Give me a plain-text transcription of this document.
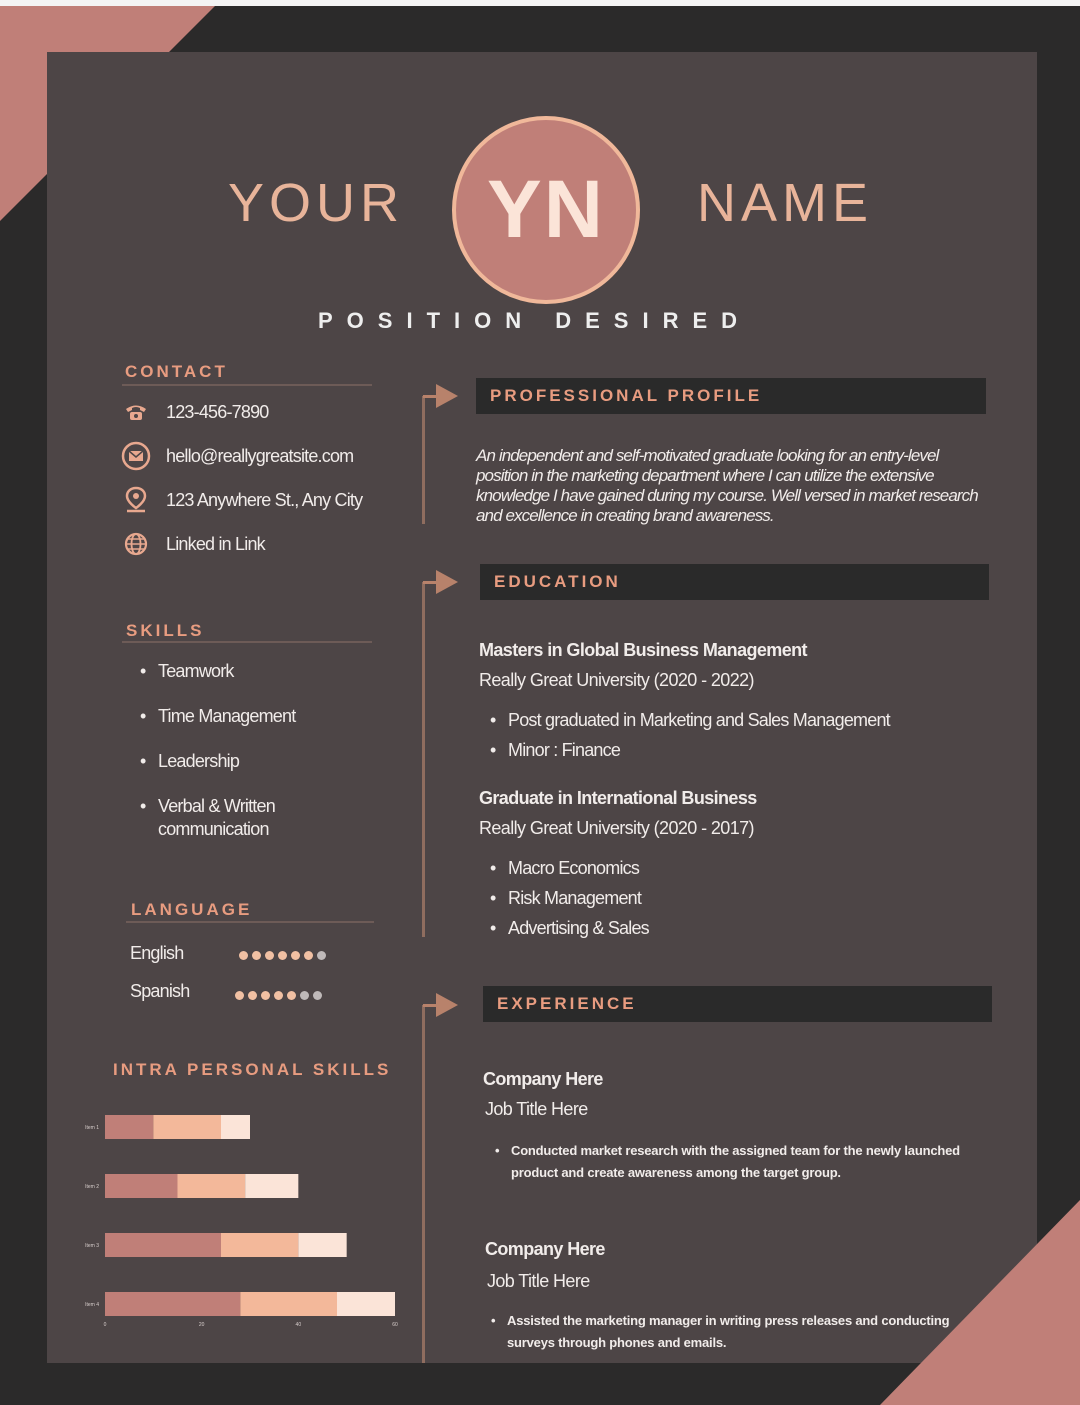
YOUR YN NAME
POSITION DESIRED
CONTACT
123-456-7890
hello@reallygreatsite.com
123 Anywhere St., Any City
Linked in Link
SKILLS
• Teamwork
• Time Management
• Leadership
• Verbal & Written communication
LANGUAGE
English
Spanish
INTRA PERSONAL SKILLS
Item 1
Item 2
Item 3
Item 4
0	20	40	60
PROFESSIONAL PROFILE
An independent and self-motivated graduate looking for an entry-level position in the marketing department where I can utilize the extensive knowledge I have gained during my course. Well versed in market research and excellence in creating brand awareness.
EDUCATION
Masters in Global Business Management
Really Great University (2020 - 2022)
• Post graduated in Marketing and Sales Management
• Minor : Finance
Graduate in International Business
Really Great University (2020 - 2017)
• Macro Economics
• Risk Management
• Advertising & Sales
EXPERIENCE
Company Here
Job Title Here
• Conducted market research with the assigned team for the newly launched product and create awareness among the target group.
Company Here
Job Title Here
• Assisted the marketing manager in writing press releases and conducting surveys through phones and emails.
